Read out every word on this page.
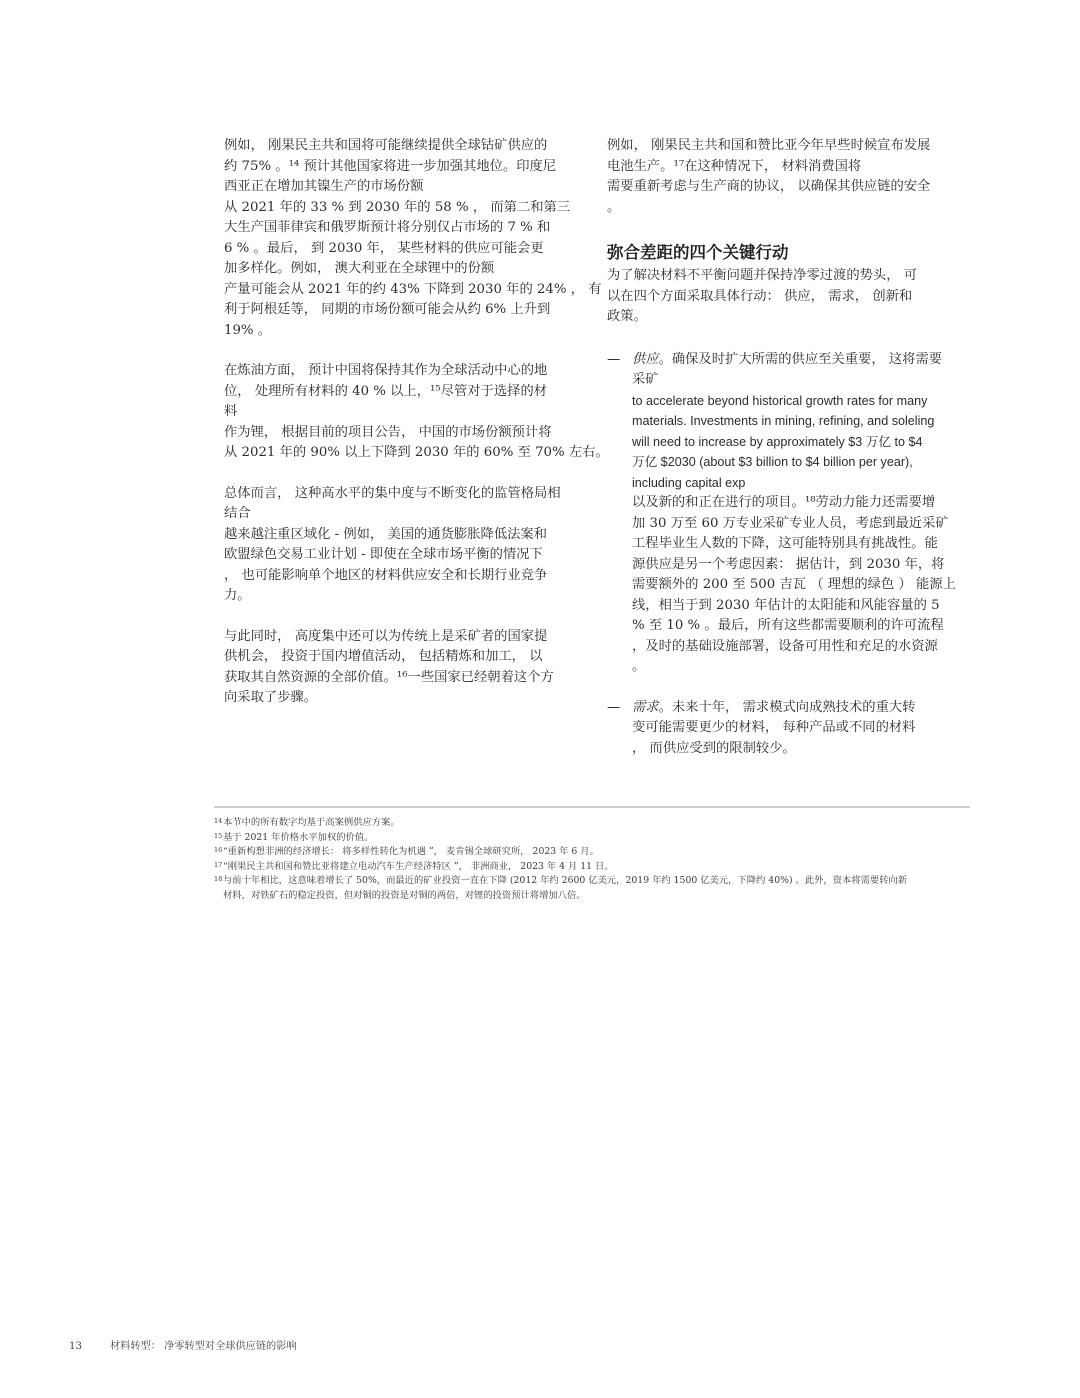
例如， 刚果民主共和国将可能继续提供全球钴矿供应的
约 75% 。¹⁴ 预计其他国家将进一步加强其地位。印度尼
西亚正在增加其镍生产的市场份额
从 2021 年的 33 % 到 2030 年的 58 % ， 而第二和第三
大生产国菲律宾和俄罗斯预计将分别仅占市场的 7 % 和
6 % 。最后， 到 2030 年， 某些材料的供应可能会更
加多样化。例如， 澳大利亚在全球锂中的份额
产量可能会从 2021 年的约 43% 下降到 2030 年的 24% ， 有
利于阿根廷等， 同期的市场份额可能会从约 6% 上升到
19% 。
在炼油方面， 预计中国将保持其作为全球活动中心的地
位， 处理所有材料的 40 % 以上，¹⁵尽管对于选择的材
料
作为锂， 根据目前的项目公告， 中国的市场份额预计将
从 2021 年的 90% 以上下降到 2030 年的 60% 至 70% 左右。
总体而言， 这种高水平的集中度与不断变化的监管格局相
结合
越来越注重区域化 - 例如， 美国的通货膨胀降低法案和
欧盟绿色交易工业计划 - 即使在全球市场平衡的情况下
， 也可能影响单个地区的材料供应安全和长期行业竞争
力。
与此同时， 高度集中还可以为传统上是采矿者的国家提
供机会， 投资于国内增值活动， 包括精炼和加工， 以
获取其自然资源的全部价值。¹⁶一些国家已经朝着这个方
向采取了步骤。
例如， 刚果民主共和国和赞比亚今年早些时候宣布发展
电池生产。¹⁷在这种情况下， 材料消费国将
需要重新考虑与生产商的协议， 以确保其供应链的安全
。
弥合差距的四个关键行动
为了解决材料不平衡问题并保持净零过渡的势头， 可
以在四个方面采取具体行动： 供应， 需求， 创新和
政策。
— 供应。确保及时扩大所需的供应至关重要， 这将需要
采矿
to accelerate beyond historical growth rates for many
materials. Investments in mining, refining, and soleling
will need to increase by approximately $3 万亿 to $4
万亿 $2030 (about $3 billion to $4 billion per year),
including capital exp
以及新的和正在进行的项目。¹⁸劳动力能力还需要增
加 30 万至 60 万专业采矿专业人员，考虑到最近采矿
工程毕业生人数的下降，这可能特别具有挑战性。能
源供应是另一个考虑因素： 据估计，到 2030 年，将
需要额外的 200 至 500 吉瓦 （ 理想的绿色 ） 能源上
线，相当于到 2030 年估计的太阳能和风能容量的 5
% 至 10 % 。最后，所有这些都需要顺利的许可流程
，及时的基础设施部署，设备可用性和充足的水资源
。
— 需求。未来十年， 需求模式向成熟技术的重大转
变可能需要更少的材料， 每种产品或不同的材料
， 而供应受到的限制较少。
14 本节中的所有数字均基于高案例供应方案。
15 基于 2021 年价格水平加权的价值。
16 “重新构想非洲的经济增长： 将多样性转化为机遇 ”， 麦肯锡全球研究所， 2023 年 6 月。
17 “刚果民主共和国和赞比亚将建立电动汽车生产经济特区 ”， 非洲商业， 2023 年 4 月 11 日。
18 与前十年相比，这意味着增长了 50%，而最近的矿业投资一直在下降 (2012 年约 2600 亿美元，2019 年约 1500 亿美元，下降约 40%) 。此外，资本将需要转向新
材料，对铁矿石的稳定投资，但对铜的投资是对铜的两倍，对锂的投资预计将增加八倍。
13	材料转型： 净零转型对全球供应链的影响
